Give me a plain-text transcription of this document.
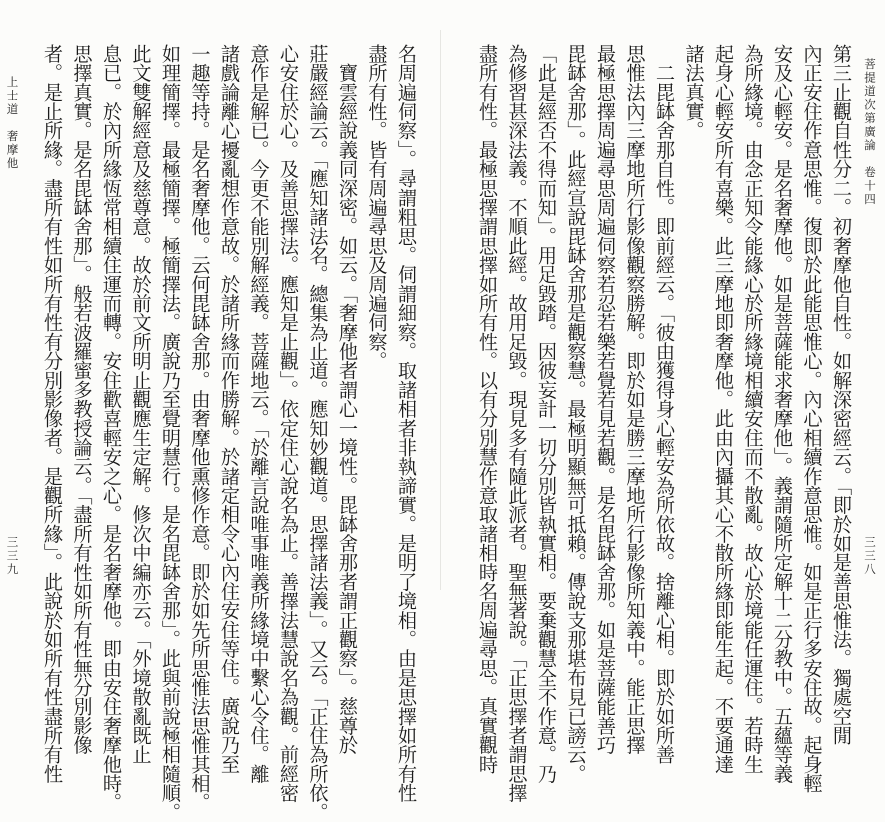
菩提道次第廣論　卷十四
三三八
第三止觀自性分二。初奢摩他自性。如解深密經云。「即於如是善思惟法。獨處空閒
內正安住作意思惟。復即於此能思惟心。內心相續作意思惟。如是正行多安住故。起身輕
安及心輕安。是名奢摩他。如是菩薩能求奢摩他」。義謂隨所定解十二分教中。五蘊等義
為所緣境。由念正知令能緣心於所緣境相續安住而不散亂。故心於境能任運住。若時生
起身心輕安所有喜樂。此三摩地即奢摩他。此由內攝其心不散所緣即能生起。不要通達
諸法真實。
　二毘缽舍那自性。即前經云。「彼由獲得身心輕安為所依故。捨離心相。即於如所善
思惟法內三摩地所行影像觀察勝解。即於如是勝三摩地所行影像所知義中。能正思擇
最極思擇周遍尋思周遍伺察若忍若樂若覺若見若觀。是名毘缽舍那。如是菩薩能善巧
毘缽舍那」。此經宣說毘缽舍那是觀察慧。最極明顯無可抵賴。傳說支那堪布見已謗云。
「此是經否不得而知」。用足毀踏。因彼妄計一切分別皆執實相。要棄觀慧全不作意。乃
為修習甚深法義。不順此經。故用足毀。現見多有隨此派者。聖無著說。「正思擇者謂思擇
盡所有性。最極思擇謂思擇如所有性。以有分別慧作意取諸相時名周遍尋思。真實觀時
上士道　奢摩他
三三九	名周遍伺察」。尋謂粗思。伺謂細察。取諸相者非執諦實。是明了境相。由是思擇如所有性
盡所有性。皆有周遍尋思及周遍伺察。
　寶雲經說義同深密。如云。「奢摩他者謂心一境性。毘缽舍那者謂正觀察」。慈尊於
莊嚴經論云。「應知諸法名。總集為止道。應知妙觀道。思擇諸法義」。又云。「正住為所依。
心安住於心。及善思擇法。應知是止觀」。依定住心說名為止。善擇法慧說名為觀。前經密
意作是解已。今更不能別解經義。菩薩地云。「於離言說唯事唯義所緣境中繫心令住。離
諸戲論離心擾亂想作意故。於諸所緣而作勝解。於諸定相令心內住安住等住。廣說乃至
一趣等持。是名奢摩他。云何毘缽舍那。由奢摩他熏修作意。即於如先所思惟法思惟其相。
如理簡擇。最極簡擇。極簡擇法。廣說乃至覺明慧行。是名毘缽舍那」。此與前說極相隨順。
此文雙解經意及慈尊意。故於前文所明止觀應生定解。修次中編亦云。「外境散亂既止
息已。於內所緣恆常相續住運而轉。安住歡喜輕安之心。是名奢摩他。即由安住奢摩他時。
思擇真實。是名毘缽舍那」。般若波羅蜜多教授論云。「盡所有性如所有性無分別影像
者。是止所緣。盡所有性如所有性有分別影像者。是觀所緣」。此說於如所有性盡所有性
